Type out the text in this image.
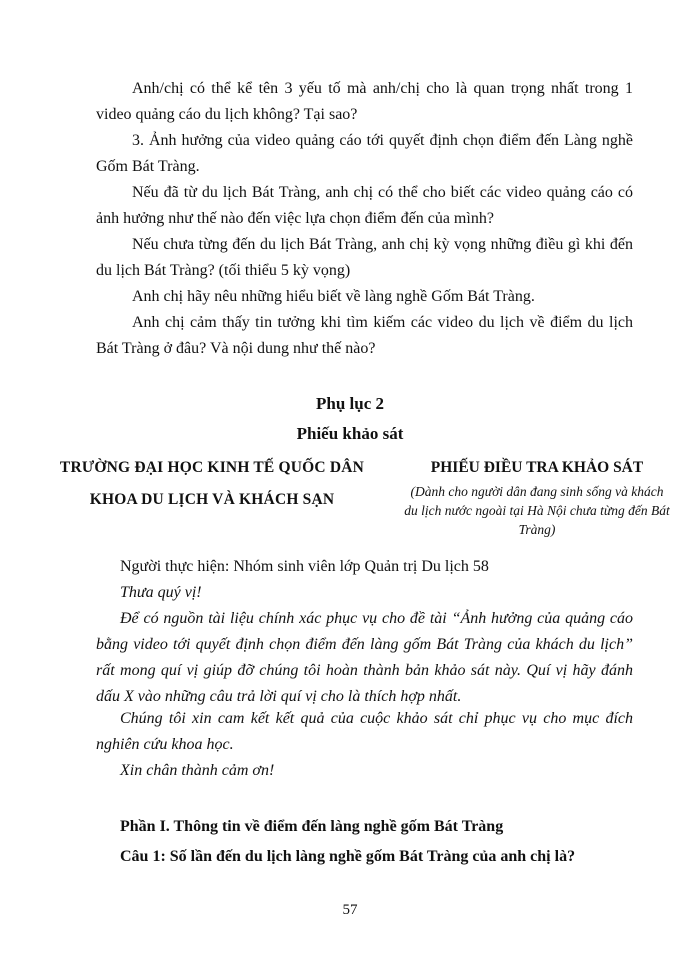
Anh/chị có thể kể tên 3 yếu tố mà anh/chị cho là quan trọng nhất trong 1 video quảng cáo du lịch không? Tại sao?
3. Ảnh hưởng của video quảng cáo tới quyết định chọn điểm đến Làng nghề Gốm Bát Tràng.
Nếu đã từ du lịch Bát Tràng, anh chị có thể cho biết các video quảng cáo có ảnh hưởng như thế nào đến việc lựa chọn điểm đến của mình?
Nếu chưa từng đến du lịch Bát Tràng, anh chị kỳ vọng những điều gì khi đến du lịch Bát Tràng? (tối thiểu 5 kỳ vọng)
Anh chị hãy nêu những hiểu biết về làng nghề Gốm Bát Tràng.
Anh chị cảm thấy tin tưởng khi tìm kiếm các video du lịch về điểm du lịch Bát Tràng ở đâu? Và nội dung như thế nào?
Phụ lục 2
Phiếu khảo sát
TRƯỜNG ĐẠI HỌC KINH TẾ QUỐC DÂN
KHOA DU LỊCH VÀ KHÁCH SẠN
PHIẾU ĐIỀU TRA KHẢO SÁT
(Dành cho người dân đang sinh sống và khách du lịch nước ngoài tại Hà Nội chưa từng đến Bát Tràng)
Người thực hiện: Nhóm sinh viên lớp Quản trị Du lịch 58
Thưa quý vị!
Để có nguồn tài liệu chính xác phục vụ cho đề tài “Ảnh hưởng của quảng cáo bằng video tới quyết định chọn điểm đến làng gốm Bát Tràng của khách du lịch” rất mong quí vị giúp đỡ chúng tôi hoàn thành bản khảo sát này. Quí vị hãy đánh dấu X vào những câu trả lời quí vị cho là thích hợp nhất.
Chúng tôi xin cam kết kết quả của cuộc khảo sát chỉ phục vụ cho mục đích nghiên cứu khoa học.
Xin chân thành cảm ơn!
Phần I. Thông tin về điểm đến làng nghề gốm Bát Tràng
Câu 1: Số lần đến du lịch làng nghề gốm Bát Tràng của anh chị là?
57
